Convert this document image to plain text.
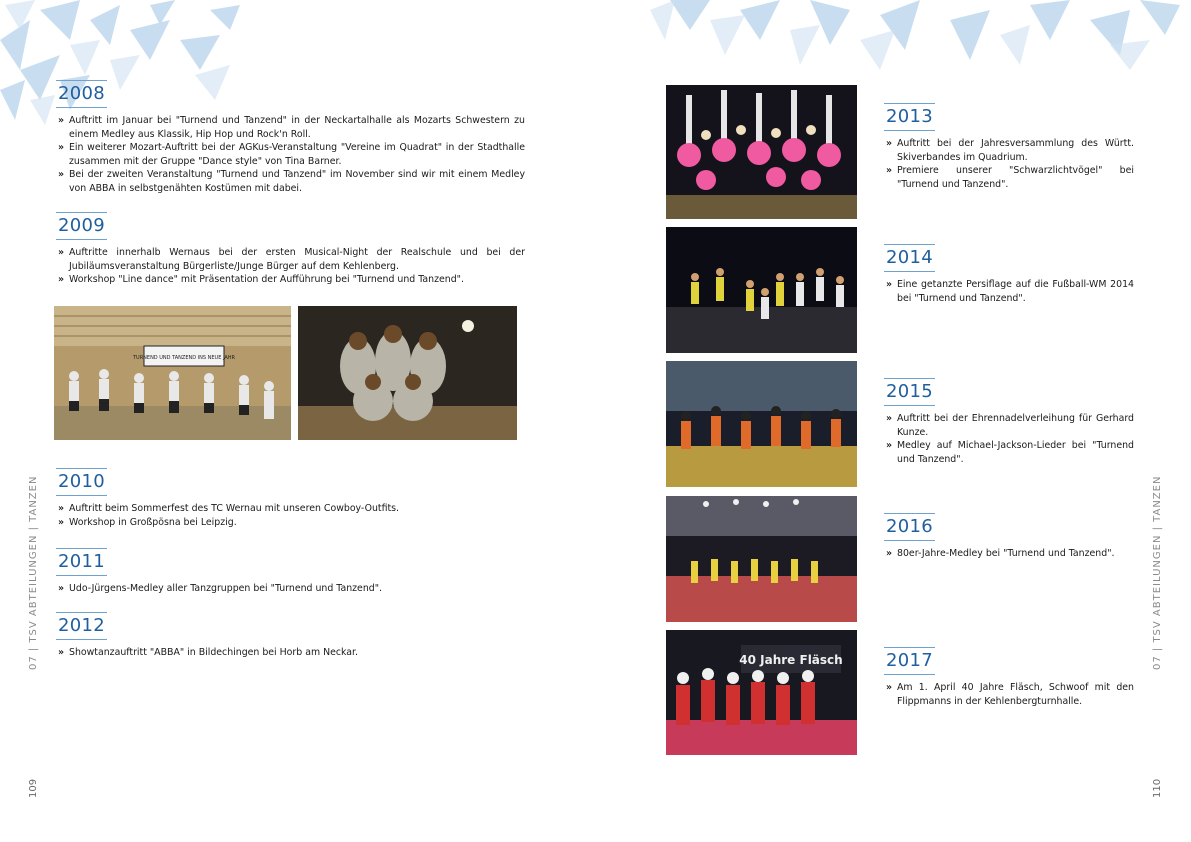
2008
» Auftritt im Januar bei "Turnend und Tanzend" in der Neckartalhalle als Mozarts Schwestern zu einem Medley aus Klassik, Hip Hop und Rock'n Roll.
» Ein weiterer Mozart-Auftritt bei der AGKus-Veranstaltung "Vereine im Quadrat" in der Stadthalle zusammen mit der Gruppe "Dance style" von Tina Barner.
» Bei der zweiten Veranstaltung "Turnend und Tanzend" im November sind wir mit einem Medley von ABBA in selbstgenähten Kostümen mit dabei.
2009
» Auftritte innerhalb Wernaus bei der ersten Musical-Night der Realschule und bei der Jubiläumsveranstaltung Bürgerliste/Junge Bürger auf dem Kehlenberg.
» Workshop "Line dance" mit Präsentation der Aufführung bei "Turnend und Tanzend".
TURNEND UND TANZEND INS NEUE JAHR
2010
» Auftritt beim Sommerfest des TC Wernau mit unseren Cowboy-Outfits.
» Workshop in Großpösna bei Leipzig.
2011
» Udo-Jürgens-Medley aller Tanzgruppen bei "Turnend und Tanzend".
2012
» Showtanzauftritt "ABBA" in Bildechingen bei Horb am Neckar.
07 | TSV ABTEILUNGEN | TANZEN
109
40 Jahre Fläsch
2013
» Auftritt bei der Jahresversammlung des Württ. Skiverbandes im Quadrium.
» Premiere unserer "Schwarzlichtvögel" bei "Turnend und Tanzend".
2014
» Eine getanzte Persiflage auf die Fußball-WM 2014 bei "Turnend und Tanzend".
2015
» Auftritt bei der Ehrennadelverleihung für Gerhard Kunze.
» Medley auf Michael-Jackson-Lieder bei "Turnend und Tanzend".
2016
» 80er-Jahre-Medley bei "Turnend und Tanzend".
2017
» Am 1. April 40 Jahre Fläsch, Schwoof mit den Flippmanns in der Kehlenbergturnhalle.
07 | TSV ABTEILUNGEN | TANZEN
110
